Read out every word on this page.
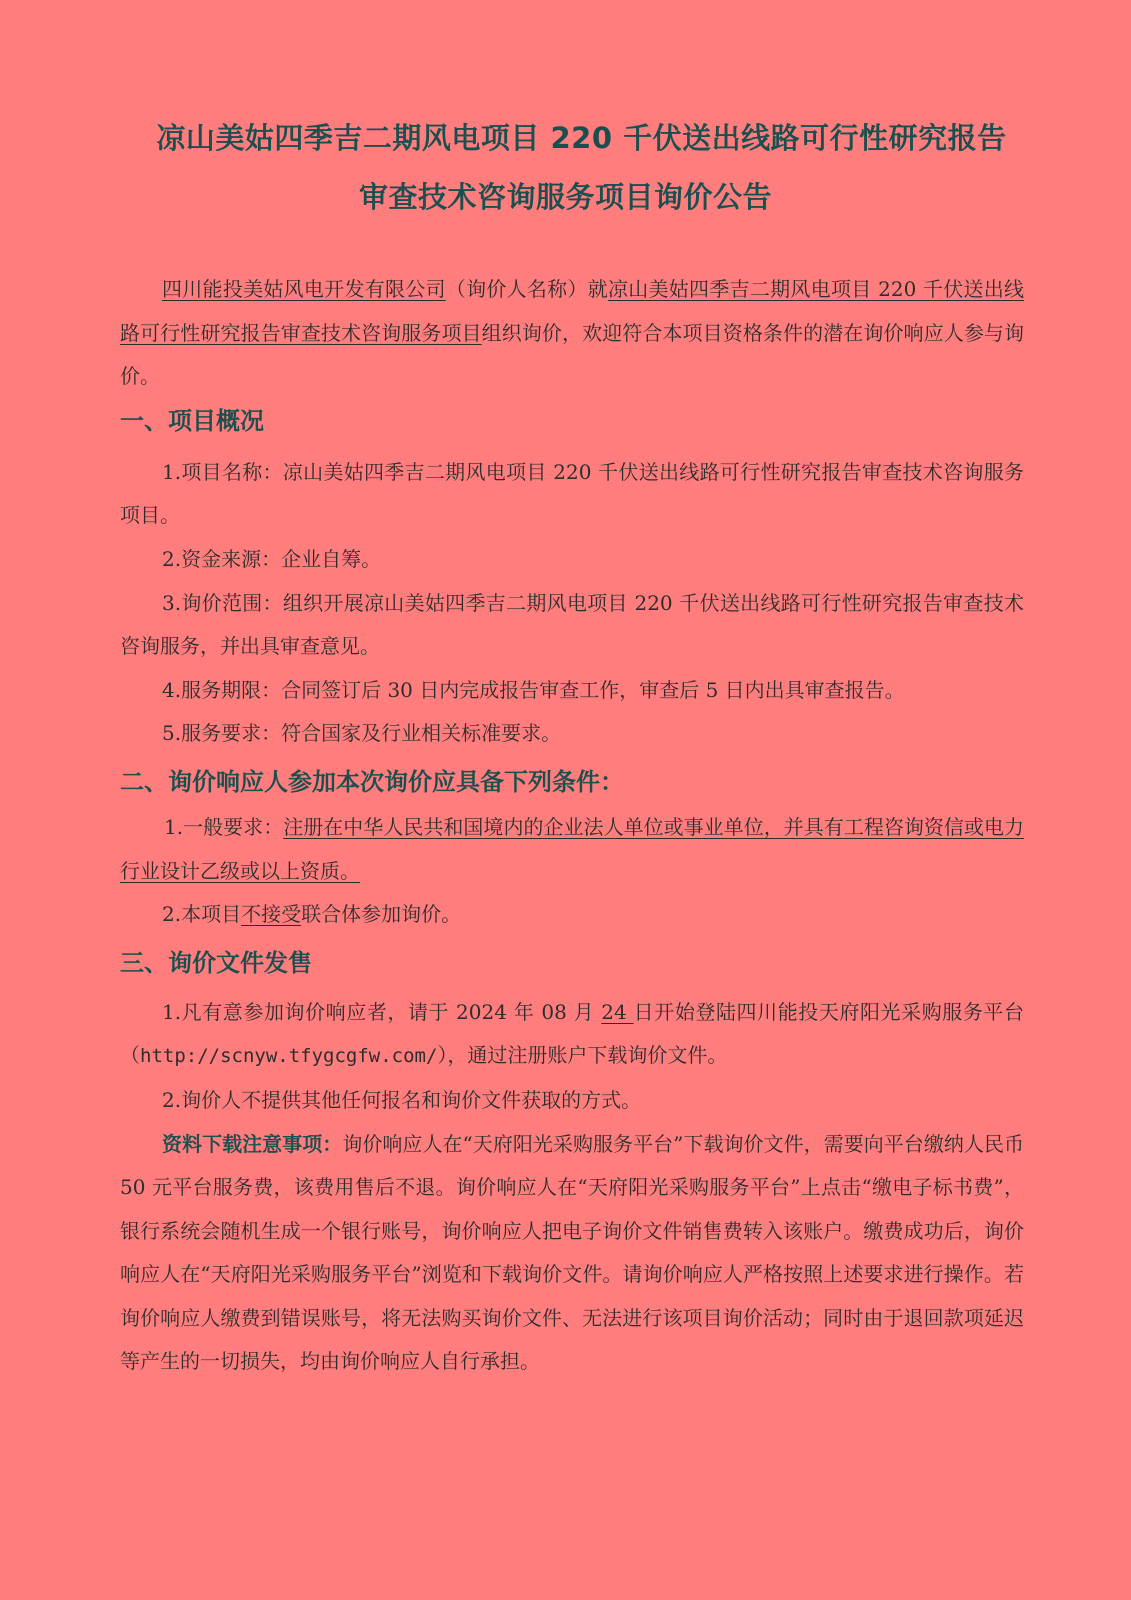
凉山美姑四季吉二期风电项目 220 千伏送出线路可行性研究报告
审查技术咨询服务项目询价公告

四川能投美姑风电开发有限公司（询价人名称）就凉山美姑四季吉二期风电项目 220 千伏送出线路可行性研究报告审查技术咨询服务项目组织询价，欢迎符合本项目资格条件的潜在询价响应人参与询价。

一、项目概况

1.项目名称：凉山美姑四季吉二期风电项目 220 千伏送出线路可行性研究报告审查技术咨询服务项目。

2.资金来源：企业自筹。

3.询价范围：组织开展凉山美姑四季吉二期风电项目 220 千伏送出线路可行性研究报告审查技术咨询服务，并出具审查意见。

4.服务期限：合同签订后 30 日内完成报告审查工作，审查后 5 日内出具审查报告。

5.服务要求：符合国家及行业相关标准要求。

二、询价响应人参加本次询价应具备下列条件：

1.一般要求：注册在中华人民共和国境内的企业法人单位或事业单位，并具有工程咨询资信或电力行业设计乙级或以上资质。

2.本项目不接受联合体参加询价。

三、询价文件发售

1.凡有意参加询价响应者，请于 2024 年 08 月 24 日开始登陆四川能投天府阳光采购服务平台（http://scnyw.tfygcgfw.com/），通过注册账户下载询价文件。

2.询价人不提供其他任何报名和询价文件获取的方式。

资料下载注意事项：询价响应人在“天府阳光采购服务平台”下载询价文件，需要向平台缴纳人民币 50 元平台服务费，该费用售后不退。询价响应人在“天府阳光采购服务平台”上点击“缴电子标书费”，银行系统会随机生成一个银行账号，询价响应人把电子询价文件销售费转入该账户。缴费成功后，询价响应人在“天府阳光采购服务平台”浏览和下载询价文件。请询价响应人严格按照上述要求进行操作。若询价响应人缴费到错误账号，将无法购买询价文件、无法进行该项目询价活动；同时由于退回款项延迟等产生的一切损失，均由询价响应人自行承担。
